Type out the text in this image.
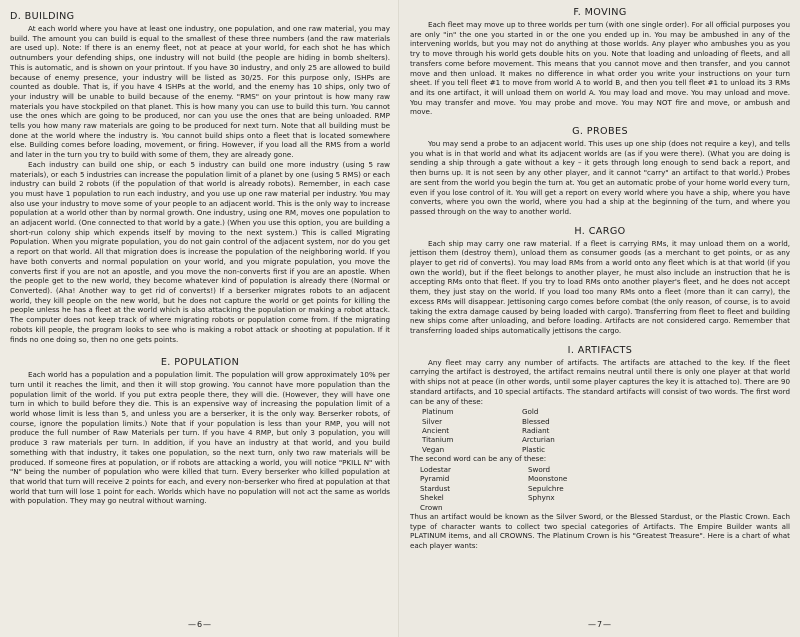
D. BUILDING

At each world where you have at least one industry, one population, and one raw material, you may build. The amount you can build is equal to the smallest of these three numbers (and the raw materials are used up). Note: If there is an enemy fleet, not at peace at your world, for each shot he has which outnumbers your defending ships, one industry will not build (the people are hiding in bomb shelters). This is automatic, and is shown on your printout. If you have 30 industry, and only 25 are allowed to build because of enemy presence, your industry will be listed as 30/25. For this purpose only, ISHPs are counted as double. That is, if you have 4 ISHPs at the world, and the enemy has 10 ships, only two of your industry will be unable to build because of the enemy. "RMS" on your printout is how many raw materials you have stockpiled on that planet. This is how many you can use to build this turn. You cannot use the ones which are going to be produced, nor can you use the ones that are being unloaded. RMP tells you how many raw materials are going to be produced for next turn. Note that all building must be done at the world where the industry is. You cannot build ships onto a fleet that is located somewhere else. Building comes before loading, movement, or firing. However, if you load all the RMS from a world and later in the turn you try to build with some of them, they are already gone.

Each industry can build one ship, or each 5 industry can build one more industry (using 5 raw materials), or each 5 industries can increase the population limit of a planet by one (using 5 RMS) or each industry can build 2 robots (if the population of that world is already robots). Remember, in each case you must have 1 population to run each industry, and you use up one raw material per industry. You may also use your industry to move some of your people to an adjacent world. This is the only way to increase population at a world other than by normal growth. One industry, using one RM, moves one population to an adjacent world. (One connected to that world by a gate.) (When you use this option, you are building a short-run colony ship which expends itself by moving to the next system.) This is called Migrating Population. When you migrate population, you do not gain control of the adjacent system, nor do you get a report on that world. All that migration does is increase the population of the neighboring world. If you have both converts and normal population on your world, and you migrate population, you move the converts first if you are not an apostle, and you move the non-converts first if you are an apostle. When the people get to the new world, they become whatever kind of population is already there (Normal or Converted). (Aha! Another way to get rid of converts!) If a berserker migrates robots to an adjacent world, they kill people on the new world, but he does not capture the world or get points for killing the people unless he has a fleet at the world which is also attacking the population or making a robot attack. The computer does not keep track of where migrating robots or population come from. If the migrating robots kill people, the program looks to see who is making a robot attack or shooting at population. If it finds no one doing so, then no one gets points.

E. POPULATION

Each world has a population and a population limit. The population will grow approximately 10% per turn until it reaches the limit, and then it will stop growing. You cannot have more population than the population limit of the world. If you put extra people there, they will die. (However, they will have one turn in which to build before they die. This is an expensive way of increasing the population limit of a world whose limit is less than 5, and unless you are a berserker, it is the only way. Berserker robots, of course, ignore the population limits.) Note that if your population is less than your RMP, you will not produce the full number of Raw Materials per turn. If you have 4 RMP, but only 3 population, you will produce 3 raw materials per turn. In addition, if you have an industry at that world, and you build something with that industry, it takes one population, so the next turn, only two raw materials will be produced. If someone fires at population, or if robots are attacking a world, you will notice "PKILL N" with "N" being the number of population who were killed that turn. Every berserker who killed population at that world that turn will receive 2 points for each, and every non-berserker who fired at population at that world that turn will lose 1 point for each. Worlds which have no population will not act the same as worlds with population. They may go neutral without warning.

—6—
F. MOVING

Each fleet may move up to three worlds per turn (with one single order). For all official purposes you are only "in" the one you started in or the one you ended up in. You may be ambushed in any of the intervening worlds, but you may not do anything at those worlds. Any player who ambushes you as you try to move through his world gets double hits on you. Note that loading and unloading of fleets, and all transfers come before movement. This means that you cannot move and then transfer, and you cannot move and then unload. It makes no difference in what order you write your instructions on your turn sheet. If you tell fleet #1 to move from world A to world B, and then you tell fleet #1 to unload its 3 RMs and its one artifact, it will unload them on world A. You may load and move. You may unload and move. You may transfer and move. You may probe and move. You may NOT fire and move, or ambush and move.

G. PROBES

You may send a probe to an adjacent world. This uses up one ship (does not require a key), and tells you what is in that world and what its adjacent worlds are (as if you were there). (What you are doing is sending a ship through a gate without a key – it gets through long enough to send back a report, and then burns up. It is not seen by any other player, and it cannot "carry" an artifact to that world.) Probes are sent from the world you begin the turn at. You get an automatic probe of your home world every turn, even if you lose control of it. You will get a report on every world where you have a ship, where you have converts, where you own the world, where you had a ship at the beginning of the turn, and where you passed through on the way to another world.

H. CARGO

Each ship may carry one raw material. If a fleet is carrying RMs, it may unload them on a world, jettison them (destroy them), unload them as consumer goods (as a merchant to get points, or as any player to get rid of converts). You may load RMs from a world onto any fleet which is at that world (if you own the world), but if the fleet belongs to another player, he must also include an instruction that he is accepting RMs onto that fleet. If you try to load RMs onto another player's fleet, and he does not accept them, they just stay on the world. If you load too many RMs onto a fleet (more than it can carry), the excess RMs will disappear. Jettisoning cargo comes before combat (the only reason, of course, is to avoid taking the extra damage caused by being loaded with cargo). Transferring from fleet to fleet and building new ships come after unloading, and before loading. Artifacts are not considered cargo. Remember that transferring loaded ships automatically jettisons the cargo.

I. ARTIFACTS

Any fleet may carry any number of artifacts. The artifacts are attached to the key. If the fleet carrying the artifact is destroyed, the artifact remains neutral until there is only one player at that world with ships not at peace (in other words, until some player captures the key it is attached to). There are 90 standard artifacts, and 10 special artifacts. The standard artifacts will consist of two words. The first word can be any of these:

Platinum
Silver
Ancient
Titanium
Vegan
Gold
Blessed
Radiant
Arcturian
Plastic

The second word can be any of these:

Lodestar
Pyramid
Stardust
Shekel
Crown
Sword
Moonstone
Sepulchre
Sphynx

Thus an artifact would be known as the Silver Sword, or the Blessed Stardust, or the Plastic Crown. Each type of character wants to collect two special categories of Artifacts. The Empire Builder wants all PLATINUM items, and all CROWNS. The Platinum Crown is his "Greatest Treasure". Here is a chart of what each player wants:

—7—
